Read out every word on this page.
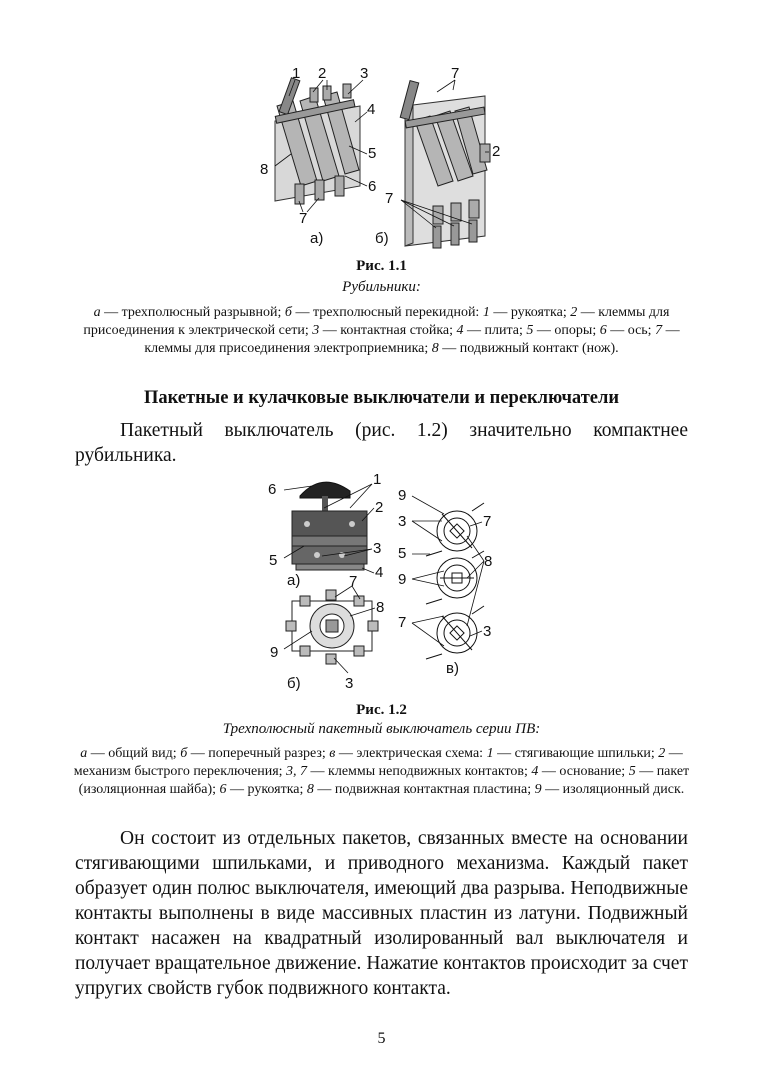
1 2 3
4
5
6
8
7
7
2
7
а)	б)
Рис. 1.1
Рубильники:
а — трехполюсный разрывной; б — трехполюсный перекидной: 1 — рукоятка; 2 — клеммы для присоединения к электрической сети; 3 — контактная стойка; 4 — плита; 5 — опоры; 6 — ось; 7 — клеммы для присоединения электроприемника; 8 — подвижный контакт (нож).
Пакетные и кулачковые выключатели и переключатели

Пакетный выключатель (рис. 1.2) значительно компактнее рубильника.

6
1
2
3
5
4
а)	7
8
9
б)	3
9
3	7
5	8
9
7
3
в)
Рис. 1.2
Трехполюсный пакетный выключатель серии ПВ:
а — общий вид; б — поперечный разрез; в — электрическая схема: 1 — стягивающие шпильки; 2 — механизм быстрого переключения; 3, 7 — клеммы неподвижных контактов; 4 — основание; 5 — пакет (изоляционная шайба); 6 — рукоятка; 8 — подвижная контактная пластина; 9 — изоляционный диск.

Он состоит из отдельных пакетов, связанных вместе на основании стягивающими шпильками, и приводного механизма. Каждый пакет образует один полюс выключателя, имеющий два разрыва. Неподвижные контакты выполнены в виде массивных пластин из латуни. Подвижный контакт насажен на квадратный изолированный вал выключателя и получает вращательное движение. Нажатие контактов происходит за счет упругих свойств губок подвижного контакта.

5
